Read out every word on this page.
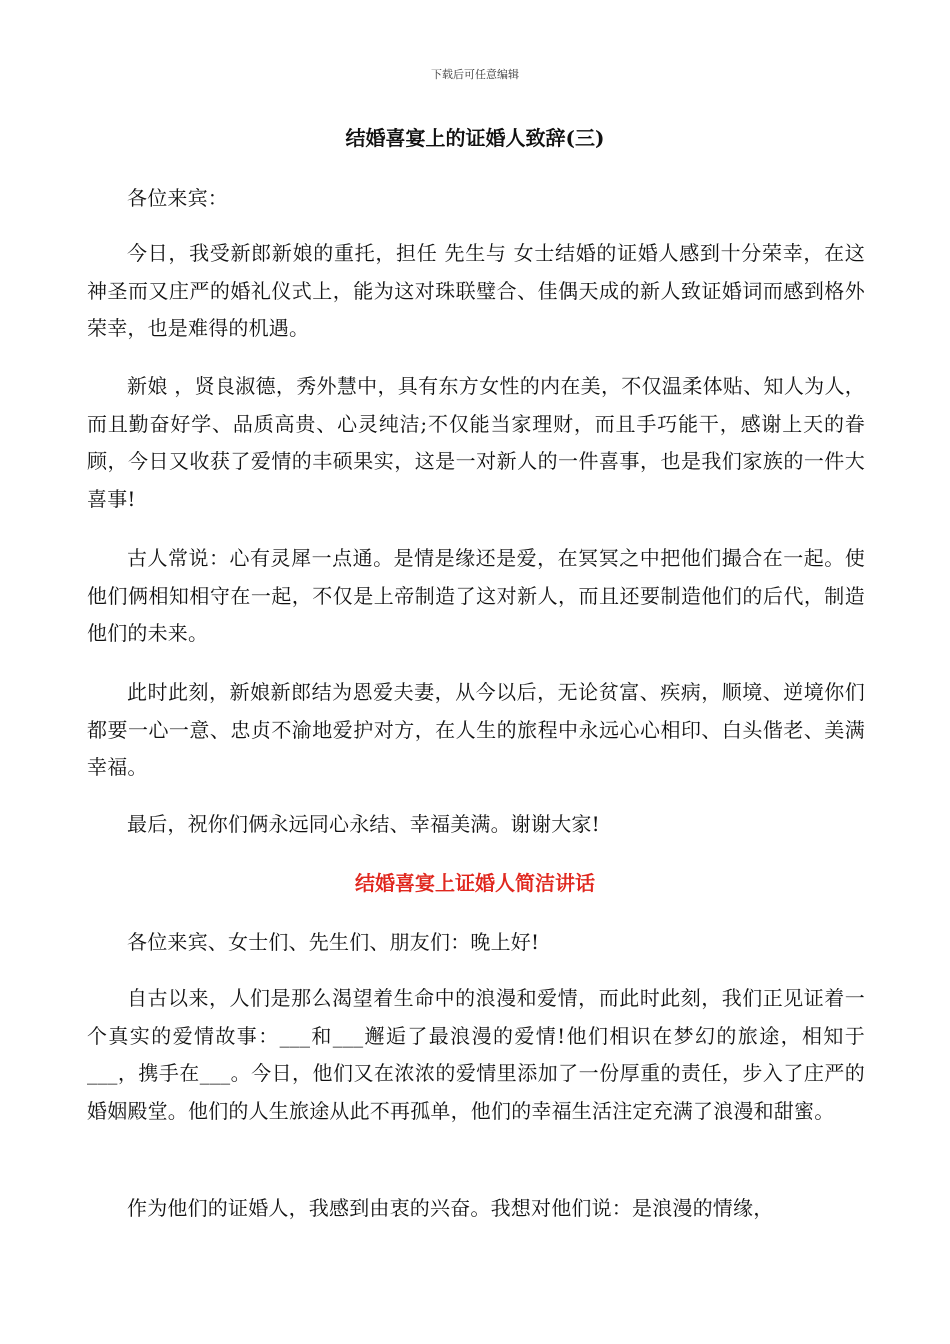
下载后可任意编辑
结婚喜宴上的证婚人致辞(三)

各位来宾：

今日，我受新郎新娘的重托，担任 先生与 女士结婚的证婚人感到十分荣幸，在这神圣而又庄严的婚礼仪式上，能为这对珠联璧合、佳偶天成的新人致证婚词而感到格外荣幸，也是难得的机遇。

新娘 ，贤良淑德，秀外慧中，具有东方女性的内在美，不仅温柔体贴、知人为人，而且勤奋好学、品质高贵、心灵纯洁;不仅能当家理财，而且手巧能干，感谢上天的眷顾，今日又收获了爱情的丰硕果实，这是一对新人的一件喜事，也是我们家族的一件大喜事!

古人常说：心有灵犀一点通。是情是缘还是爱，在冥冥之中把他们撮合在一起。使他们俩相知相守在一起，不仅是上帝制造了这对新人，而且还要制造他们的后代，制造他们的未来。

此时此刻，新娘新郎结为恩爱夫妻，从今以后，无论贫富、疾病，顺境、逆境你们都要一心一意、忠贞不渝地爱护对方，在人生的旅程中永远心心相印、白头偕老、美满幸福。

最后，祝你们俩永远同心永结、幸福美满。谢谢大家!

结婚喜宴上证婚人简洁讲话

各位来宾、女士们、先生们、朋友们：晚上好!

自古以来，人们是那么渴望着生命中的浪漫和爱情，而此时此刻，我们正见证着一个真实的爱情故事：___和___邂逅了最浪漫的爱情!他们相识在梦幻的旅途，相知于___，携手在___。今日，他们又在浓浓的爱情里添加了一份厚重的责任，步入了庄严的婚姻殿堂。他们的人生旅途从此不再孤单，他们的幸福生活注定充满了浪漫和甜蜜。

作为他们的证婚人，我感到由衷的兴奋。我想对他们说：是浪漫的情缘，
